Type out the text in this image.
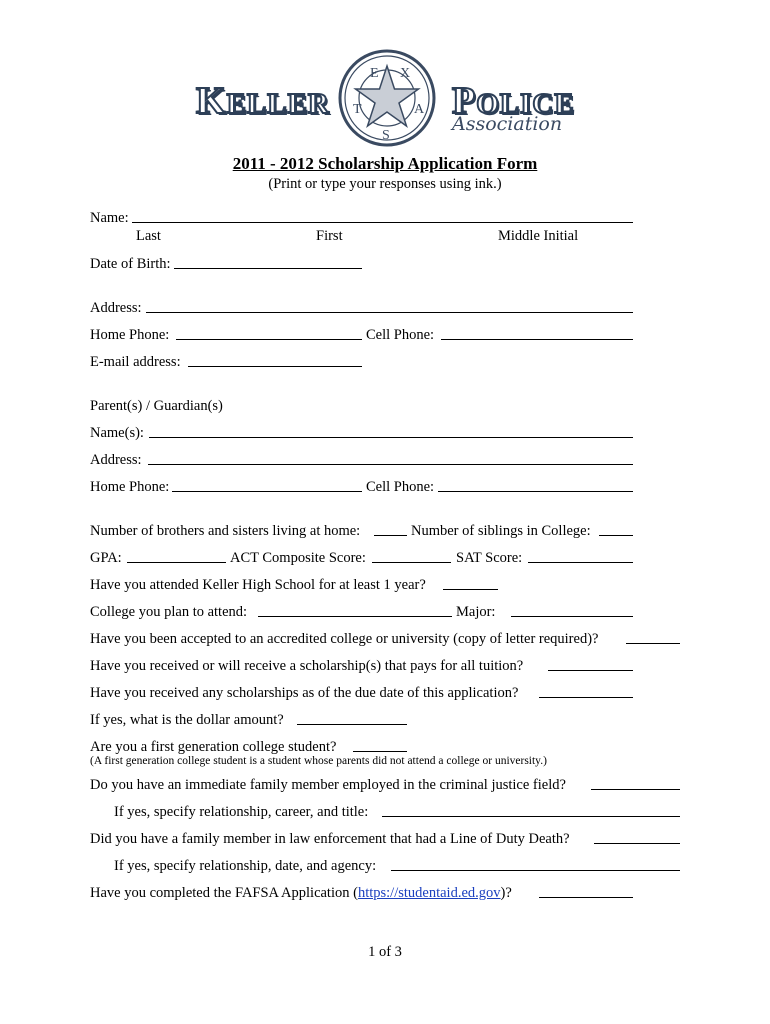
KELLER T
E X
A
S
POLICE
Association
2011 - 2012 Scholarship Application Form
(Print or type your responses using ink.)
Name:
Last	First	Middle Initial
Date of Birth:
Address:
Home Phone:	Cell Phone:
E-mail address:
Parent(s) / Guardian(s)
Name(s):
Address:
Home Phone:	Cell Phone:
Number of brothers and sisters living at home:	Number of siblings in College:
GPA:	ACT Composite Score:	SAT Score:
Have you attended Keller High School for at least 1 year?
College you plan to attend:	Major:
Have you been accepted to an accredited college or university (copy of letter required)?
Have you received or will receive a scholarship(s) that pays for all tuition?
Have you received any scholarships as of the due date of this application?
If yes, what is the dollar amount?
Are you a first generation college student?
(A first generation college student is a student whose parents did not attend a college or university.)
Do you have an immediate family member employed in the criminal justice field?
If yes, specify relationship, career, and title:
Did you have a family member in law enforcement that had a Line of Duty Death?
If yes, specify relationship, date, and agency:
Have you completed the FAFSA Application (https://studentaid.ed.gov)?
1 of 3
